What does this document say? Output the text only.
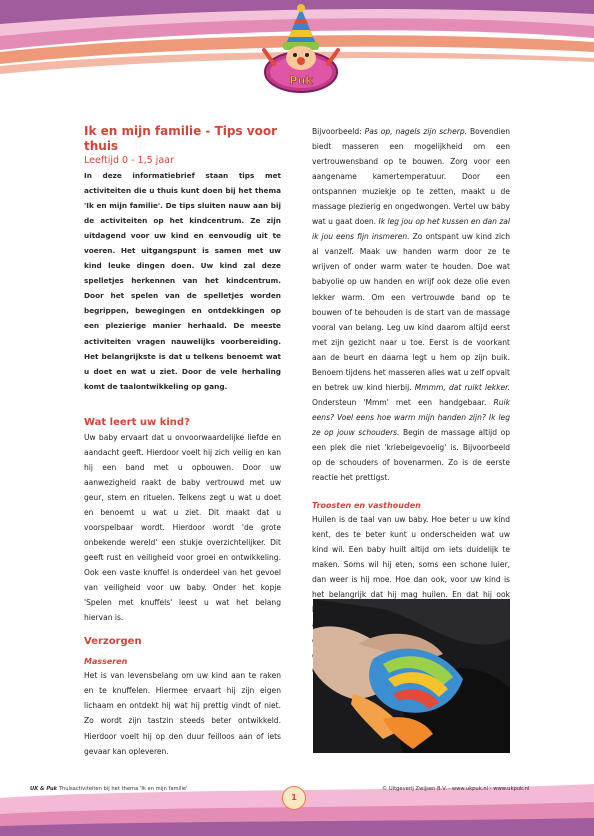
Puk

Ik en mijn familie - Tips voor thuis

Leeftijd 0 - 1,5 jaar

In deze informatiebrief staan tips met activiteiten die u thuis kunt doen bij het thema 'Ik en mijn familie'. De tips sluiten nauw aan bij de activiteiten op het kindcentrum. Ze zijn uitdagend voor uw kind en eenvoudig uit te voeren. Het uitgangspunt is samen met uw kind leuke dingen doen. Uw kind zal deze spelletjes herkennen van het kindcentrum. Door het spelen van de spelletjes worden begrippen, bewegingen en ontdekkingen op een plezierige manier herhaald. De meeste activiteiten vragen nauwelijks voorbereiding. Het belangrijkste is dat u telkens benoemt wat u doet en wat u ziet. Door de vele herhaling komt de taalontwikkeling op gang.

Wat leert uw kind?

Uw baby ervaart dat u onvoorwaardelijke liefde en aandacht geeft. Hierdoor voelt hij zich veilig en kan hij een band met u opbouwen. Door uw aanwezigheid raakt de baby vertrouwd met uw geur, stem en rituelen. Telkens zegt u wat u doet en benoemt u wat u ziet. Dit maakt dat u voorspelbaar wordt. Hierdoor wordt 'de grote onbekende wereld' een stukje overzichtelijker. Dit geeft rust en veiligheid voor groei en ontwikkeling. Ook een vaste knuffel is onderdeel van het gevoel van veiligheid voor uw baby. Onder het kopje 'Spelen met knuffels' leest u wat het belang hiervan is.

Verzorgen
Masseren

Het is van levensbelang om uw kind aan te raken en te knuffelen. Hiermee ervaart hij zijn eigen lichaam en ontdekt hij wat hij prettig vindt of niet. Zo wordt zijn tastzin steeds beter ontwikkeld. Hierdoor voelt hij op den duur feilloos aan of iets gevaar kan opleveren.

Bijvoorbeeld: Pas op, nagels zijn scherp. Bovendien biedt masseren een mogelijkheid om een vertrouwensband op te bouwen. Zorg voor een aangename kamertemperatuur. Door een ontspannen muziekje op te zetten, maakt u de massage plezierig en ongedwongen. Vertel uw baby wat u gaat doen. Ik leg jou op het kussen en dan zal ik jou eens fijn insmeren. Zo ontspant uw kind zich al vanzelf. Maak uw handen warm door ze te wrijven of onder warm water te houden. Doe wat babyolie op uw handen en wrijf ook deze olie even lekker warm. Om een vertrouwde band op te bouwen of te behouden is de start van de massage vooral van belang. Leg uw kind daarom altijd eerst met zijn gezicht naar u toe. Eerst is de voorkant aan de beurt en daarna legt u hem op zijn buik. Benoem tijdens het masseren alles wat u zelf opvalt en betrek uw kind hierbij. Mmmm, dat ruikt lekker. Ondersteun 'Mmm' met een handgebaar. Ruik eens? Voel eens hoe warm mijn handen zijn? Ik leg ze op jouw schouders. Begin de massage altijd op een plek die niet 'kriebelgevoelig' is. Bijvoorbeeld op de schouders of bovenarmen. Zo is de eerste reactie het prettigst.

Troosten en vasthouden

Huilen is de taal van uw baby. Hoe beter u uw kind kent, des te beter kunt u onderscheiden wat uw kind wil. Een baby huilt altijd om iets duidelijk te maken. Soms wil hij eten, soms een schone luier, dan weer is hij moe. Hoe dan ook, voor uw kind is het belangrijk dat hij mag huilen. En dat hij ook

UK & Puk Thuisactiviteiten bij het thema 'Ik en mijn familie'
1
© Uitgeverij Zwijsen B.V. - www.ukpuk.nl - www.ukpuk.nl
